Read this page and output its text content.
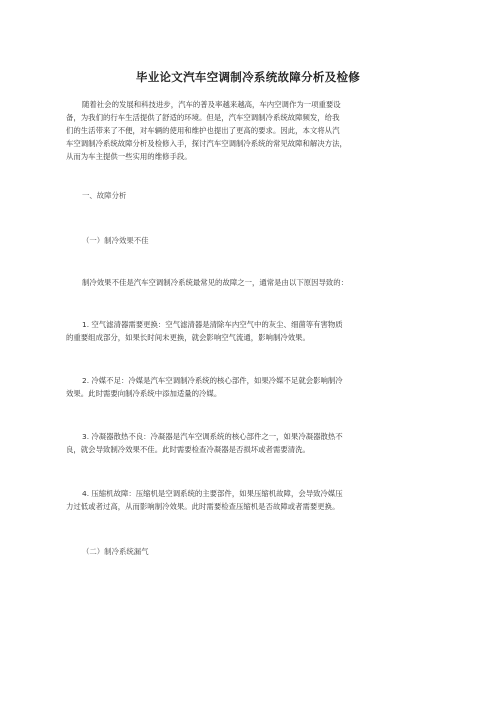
毕业论文汽车空调制冷系统故障分析及检修
随着社会的发展和科技进步，汽车的普及率越来越高，车内空调作为一项重要设
备，为我们的行车生活提供了舒适的环境。但是，汽车空调制冷系统故障频发，给我
们的生活带来了不便，对车辆的使用和维护也提出了更高的要求。因此，本文将从汽
车空调制冷系统故障分析及检修入手，探讨汽车空调制冷系统的常见故障和解决方法，
从而为车主提供一些实用的维修手段。
一、故障分析
（一）制冷效果不佳
制冷效果不佳是汽车空调制冷系统最常见的故障之一，通常是由以下原因导致的：
1. 空气滤清器需要更换：空气滤清器是清除车内空气中的灰尘、细菌等有害物质
的重要组成部分，如果长时间未更换，就会影响空气流通，影响制冷效果。
2. 冷媒不足：冷媒是汽车空调制冷系统的核心部件，如果冷媒不足就会影响制冷
效果。此时需要向制冷系统中添加适量的冷媒。
3. 冷凝器散热不良：冷凝器是汽车空调系统的核心部件之一，如果冷凝器散热不
良，就会导致制冷效果不佳。此时需要检查冷凝器是否损坏或者需要清洗。
4. 压缩机故障：压缩机是空调系统的主要部件，如果压缩机故障，会导致冷媒压
力过低或者过高，从而影响制冷效果。此时需要检查压缩机是否故障或者需要更换。
（二）制冷系统漏气
